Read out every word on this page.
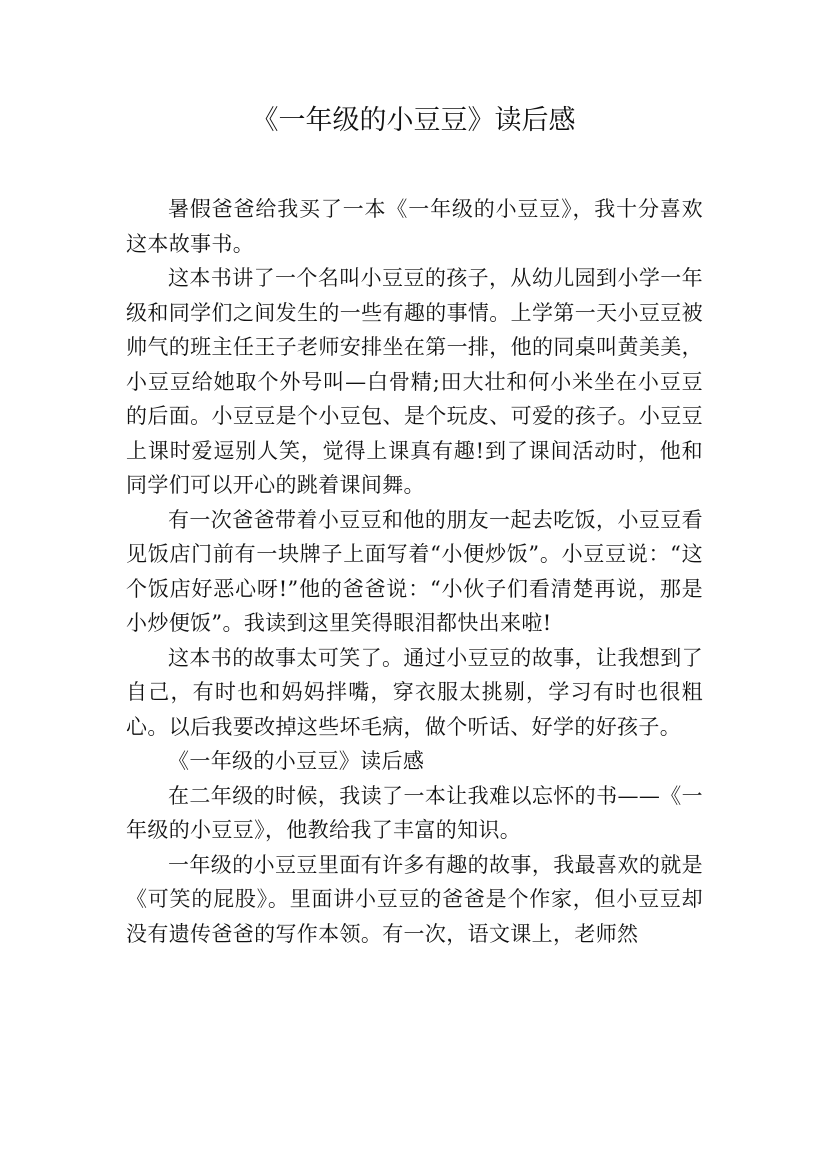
《一年级的小豆豆》读后感

暑假爸爸给我买了一本《一年级的小豆豆》，我十分喜欢这本故事书。

这本书讲了一个名叫小豆豆的孩子，从幼儿园到小学一年级和同学们之间发生的一些有趣的事情。上学第一天小豆豆被帅气的班主任王子老师安排坐在第一排，他的同桌叫黄美美，小豆豆给她取个外号叫—白骨精;田大壮和何小米坐在小豆豆的后面。小豆豆是个小豆包、是个玩皮、可爱的孩子。小豆豆上课时爱逗别人笑，觉得上课真有趣!到了课间活动时，他和同学们可以开心的跳着课间舞。

有一次爸爸带着小豆豆和他的朋友一起去吃饭，小豆豆看见饭店门前有一块牌子上面写着“小便炒饭”。小豆豆说：“这个饭店好恶心呀!”他的爸爸说：“小伙子们看清楚再说，那是小炒便饭”。我读到这里笑得眼泪都快出来啦!

这本书的故事太可笑了。通过小豆豆的故事，让我想到了自己，有时也和妈妈拌嘴，穿衣服太挑剔，学习有时也很粗心。以后我要改掉这些坏毛病，做个听话、好学的好孩子。

《一年级的小豆豆》读后感

在二年级的时候，我读了一本让我难以忘怀的书——《一年级的小豆豆》，他教给我了丰富的知识。

一年级的小豆豆里面有许多有趣的故事，我最喜欢的就是《可笑的屁股》。里面讲小豆豆的爸爸是个作家，但小豆豆却没有遗传爸爸的写作本领。有一次，语文课上，老师然
